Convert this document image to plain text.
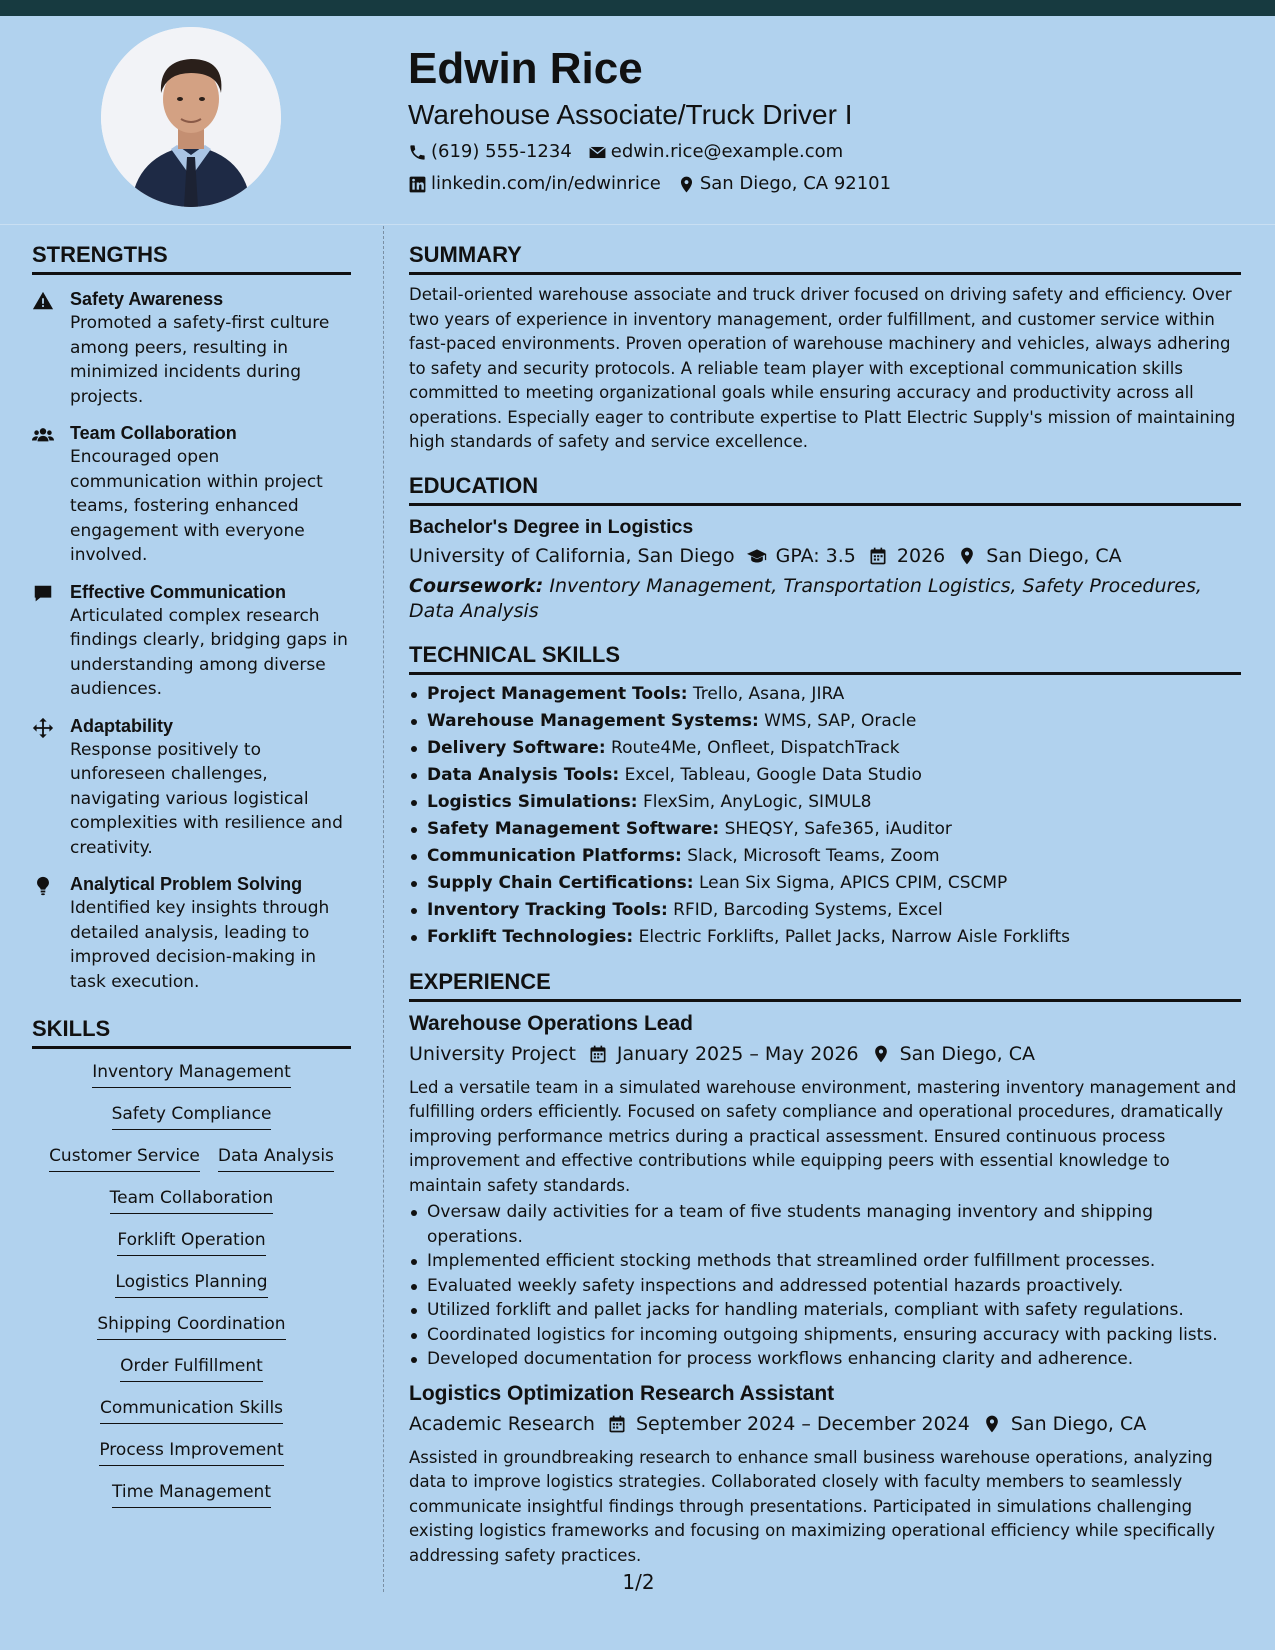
Edwin Rice
Warehouse Associate/Truck Driver I
(619) 555-1234 edwin.rice@example.com
linkedin.com/in/edwinrice San Diego, CA 92101
STRENGTHS
Safety Awareness
Promoted a safety-first culture among peers, resulting in minimized incidents during projects.
Team Collaboration
Encouraged open communication within project teams, fostering enhanced engagement with everyone involved.
Effective Communication
Articulated complex research findings clearly, bridging gaps in understanding among diverse audiences.
Adaptability
Response positively to unforeseen challenges, navigating various logistical complexities with resilience and creativity.
Analytical Problem Solving
Identified key insights through detailed analysis, leading to improved decision-making in task execution.
SKILLS
Inventory Management
Safety Compliance
Customer Service Data Analysis
Team Collaboration
Forklift Operation
Logistics Planning
Shipping Coordination
Order Fulfillment
Communication Skills
Process Improvement
Time Management
SUMMARY
Detail-oriented warehouse associate and truck driver focused on driving safety and efficiency. Over two years of experience in inventory management, order fulfillment, and customer service within fast-paced environments. Proven operation of warehouse machinery and vehicles, always adhering to safety and security protocols. A reliable team player with exceptional communication skills committed to meeting organizational goals while ensuring accuracy and productivity across all operations. Especially eager to contribute expertise to Platt Electric Supply's mission of maintaining high standards of safety and service excellence.
EDUCATION
Bachelor's Degree in Logistics
University of California, San Diego GPA: 3.5 2026 San Diego, CA
Coursework: Inventory Management, Transportation Logistics, Safety Procedures, Data Analysis
TECHNICAL SKILLS
Project Management Tools: Trello, Asana, JIRA
Warehouse Management Systems: WMS, SAP, Oracle
Delivery Software: Route4Me, Onfleet, DispatchTrack
Data Analysis Tools: Excel, Tableau, Google Data Studio
Logistics Simulations: FlexSim, AnyLogic, SIMUL8
Safety Management Software: SHEQSY, Safe365, iAuditor
Communication Platforms: Slack, Microsoft Teams, Zoom
Supply Chain Certifications: Lean Six Sigma, APICS CPIM, CSCMP
Inventory Tracking Tools: RFID, Barcoding Systems, Excel
Forklift Technologies: Electric Forklifts, Pallet Jacks, Narrow Aisle Forklifts
EXPERIENCE
Warehouse Operations Lead
University Project January 2025 – May 2026 San Diego, CA
Led a versatile team in a simulated warehouse environment, mastering inventory management and fulfilling orders efficiently. Focused on safety compliance and operational procedures, dramatically improving performance metrics during a practical assessment. Ensured continuous process improvement and effective contributions while equipping peers with essential knowledge to maintain safety standards.
Oversaw daily activities for a team of five students managing inventory and shipping operations.
Implemented efficient stocking methods that streamlined order fulfillment processes.
Evaluated weekly safety inspections and addressed potential hazards proactively.
Utilized forklift and pallet jacks for handling materials, compliant with safety regulations.
Coordinated logistics for incoming outgoing shipments, ensuring accuracy with packing lists.
Developed documentation for process workflows enhancing clarity and adherence.
Logistics Optimization Research Assistant
Academic Research September 2024 – December 2024 San Diego, CA
Assisted in groundbreaking research to enhance small business warehouse operations, analyzing data to improve logistics strategies. Collaborated closely with faculty members to seamlessly communicate insightful findings through presentations. Participated in simulations challenging existing logistics frameworks and focusing on maximizing operational efficiency while specifically addressing safety practices.
1/2
